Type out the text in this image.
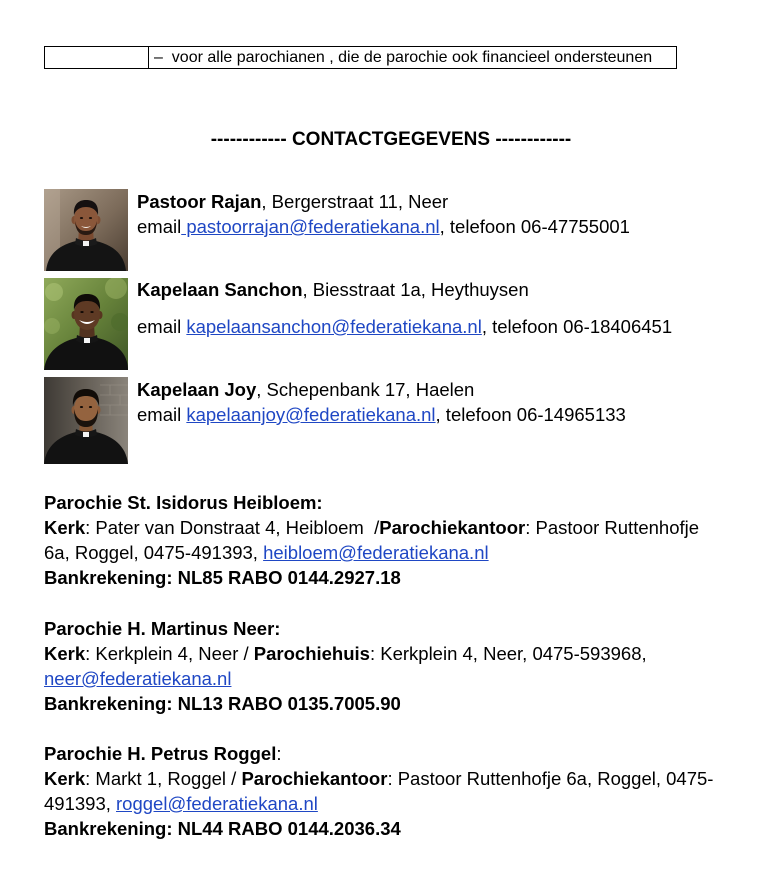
–  voor alle parochianen , die de parochie ook financieel ondersteunen
------------ CONTACTGEGEVENS ------------
Pastoor Rajan , Bergerstraat 11, Neer
email pastoorrajan@federatiekana.nl , telefoon 06-47755001
Kapelaan Sanchon , Biesstraat 1a, Heythuysen
email kapelaansanchon@federatiekana.nl , telefoon 06-18406451
Kapelaan Joy , Schepenbank 17, Haelen
email kapelaanjoy@federatiekana.nl , telefoon 06-14965133
Parochie St. Isidorus Heibloem:
Kerk : Pater van Donstraat 4, Heibloem  / Parochiekantoor : Pastoor Ruttenhofje
6a, Roggel, 0475-491393, heibloem@federatiekana.nl
Bankrekening: NL85 RABO 0144.2927.18
Parochie H. Martinus Neer:
Kerk : Kerkplein 4, Neer / Parochiehuis : Kerkplein 4, Neer, 0475-593968,
neer@federatiekana.nl
Bankrekening: NL13 RABO 0135.7005.90
Parochie H. Petrus Roggel :
Kerk : Markt 1, Roggel / Parochiekantoor : Pastoor Ruttenhofje 6a, Roggel, 0475-
491393, roggel@federatiekana.nl
Bankrekening: NL44 RABO 0144.2036.34
